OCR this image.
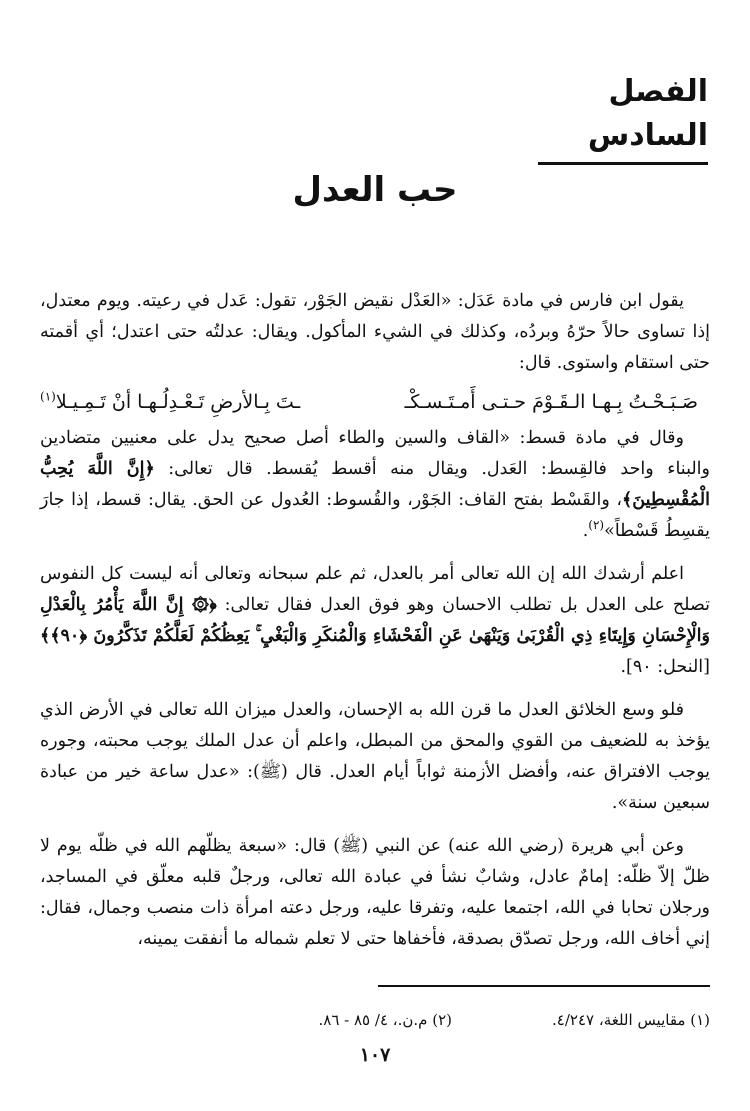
الفصل السادس
حب العدل

يقول ابن فارس في مادة عَدَل: «العَدْل نقيض الجَوْر، تقول: عَدل في رعيته. ويوم معتدل، إذا تساوى حالاً حرّهُ وبردُه، وكذلك في الشيء المأكول. ويقال: عدلتُه حتى اعتدل؛ أي أقمته حتى استقام واستوى. قال:

صَـبَـحْـتُ بِـهـا الـقَـوْمَ حـتـى أَمـتَـسـكْـ
ـتَ بِـالأرضِ تَـعْـدِلُـهـا أنْ تَـمِـيـلا$^{(١)}$

وقال في مادة قسط: «القاف والسين والطاء أصل صحيح يدل على معنيين متضادين والبناء واحد فالقِسط: العَدل. ويقال منه أقسط يُقسط. قال تعالى: ﴿إِنَّ اللَّهَ يُحِبُّ الْمُقْسِطِينَ﴾، والقَسْط بفتح القاف: الجَوْر، والقُسوط: العُدول عن الحق. يقال: قسط، إذا جارَ يقسِطُ قَسْطاً»$^{(٢)}$.

اعلم أرشدك الله إن الله تعالى أمر بالعدل، ثم علم سبحانه وتعالى أنه ليست كل النفوس تصلح على العدل بل تطلب الاحسان وهو فوق العدل فقال تعالى: ﴿۞ إِنَّ اللَّهَ يَأْمُرُ بِالْعَدْلِ وَالْإِحْسَانِ وَإِيتَاءِ ذِي الْقُرْبَىٰ وَيَنْهَىٰ عَنِ الْفَحْشَاءِ وَالْمُنكَرِ وَالْبَغْيِ ۚ يَعِظُكُمْ لَعَلَّكُمْ تَذَكَّرُونَ ﴿٩٠﴾﴾ [النحل: ٩٠].

فلو وسع الخلائق العدل ما قرن الله به الإحسان، والعدل ميزان الله تعالى في الأرض الذي يؤخذ به للضعيف من القوي والمحق من المبطل، واعلم أن عدل الملك يوجب محبته، وجوره يوجب الافتراق عنه، وأفضل الأزمنة ثواباً أيام العدل. قال (ﷺ): «عدل ساعة خير من عبادة سبعين سنة».

وعن أبي هريرة (رضي الله عنه) عن النبي (ﷺ) قال: «سبعة يظلّهم الله في ظلّه يوم لا ظلّ إلاّ ظلّه: إمامٌ عادل، وشابٌ نشأ في عبادة الله تعالى، ورجلٌ قلبه معلّق في المساجد، ورجلان تحابا في الله، اجتمعا عليه، وتفرقا عليه، ورجل دعته امرأة ذات منصب وجمال، فقال: إني أخاف الله، ورجل تصدّق بصدقة، فأخفاها حتى لا تعلم شماله ما أنفقت يمينه،

(١) مقاييس اللغة، ٤/٢٤٧.
(٢) م.ن.، ٤/ ٨٥ - ٨٦.
١٠٧
